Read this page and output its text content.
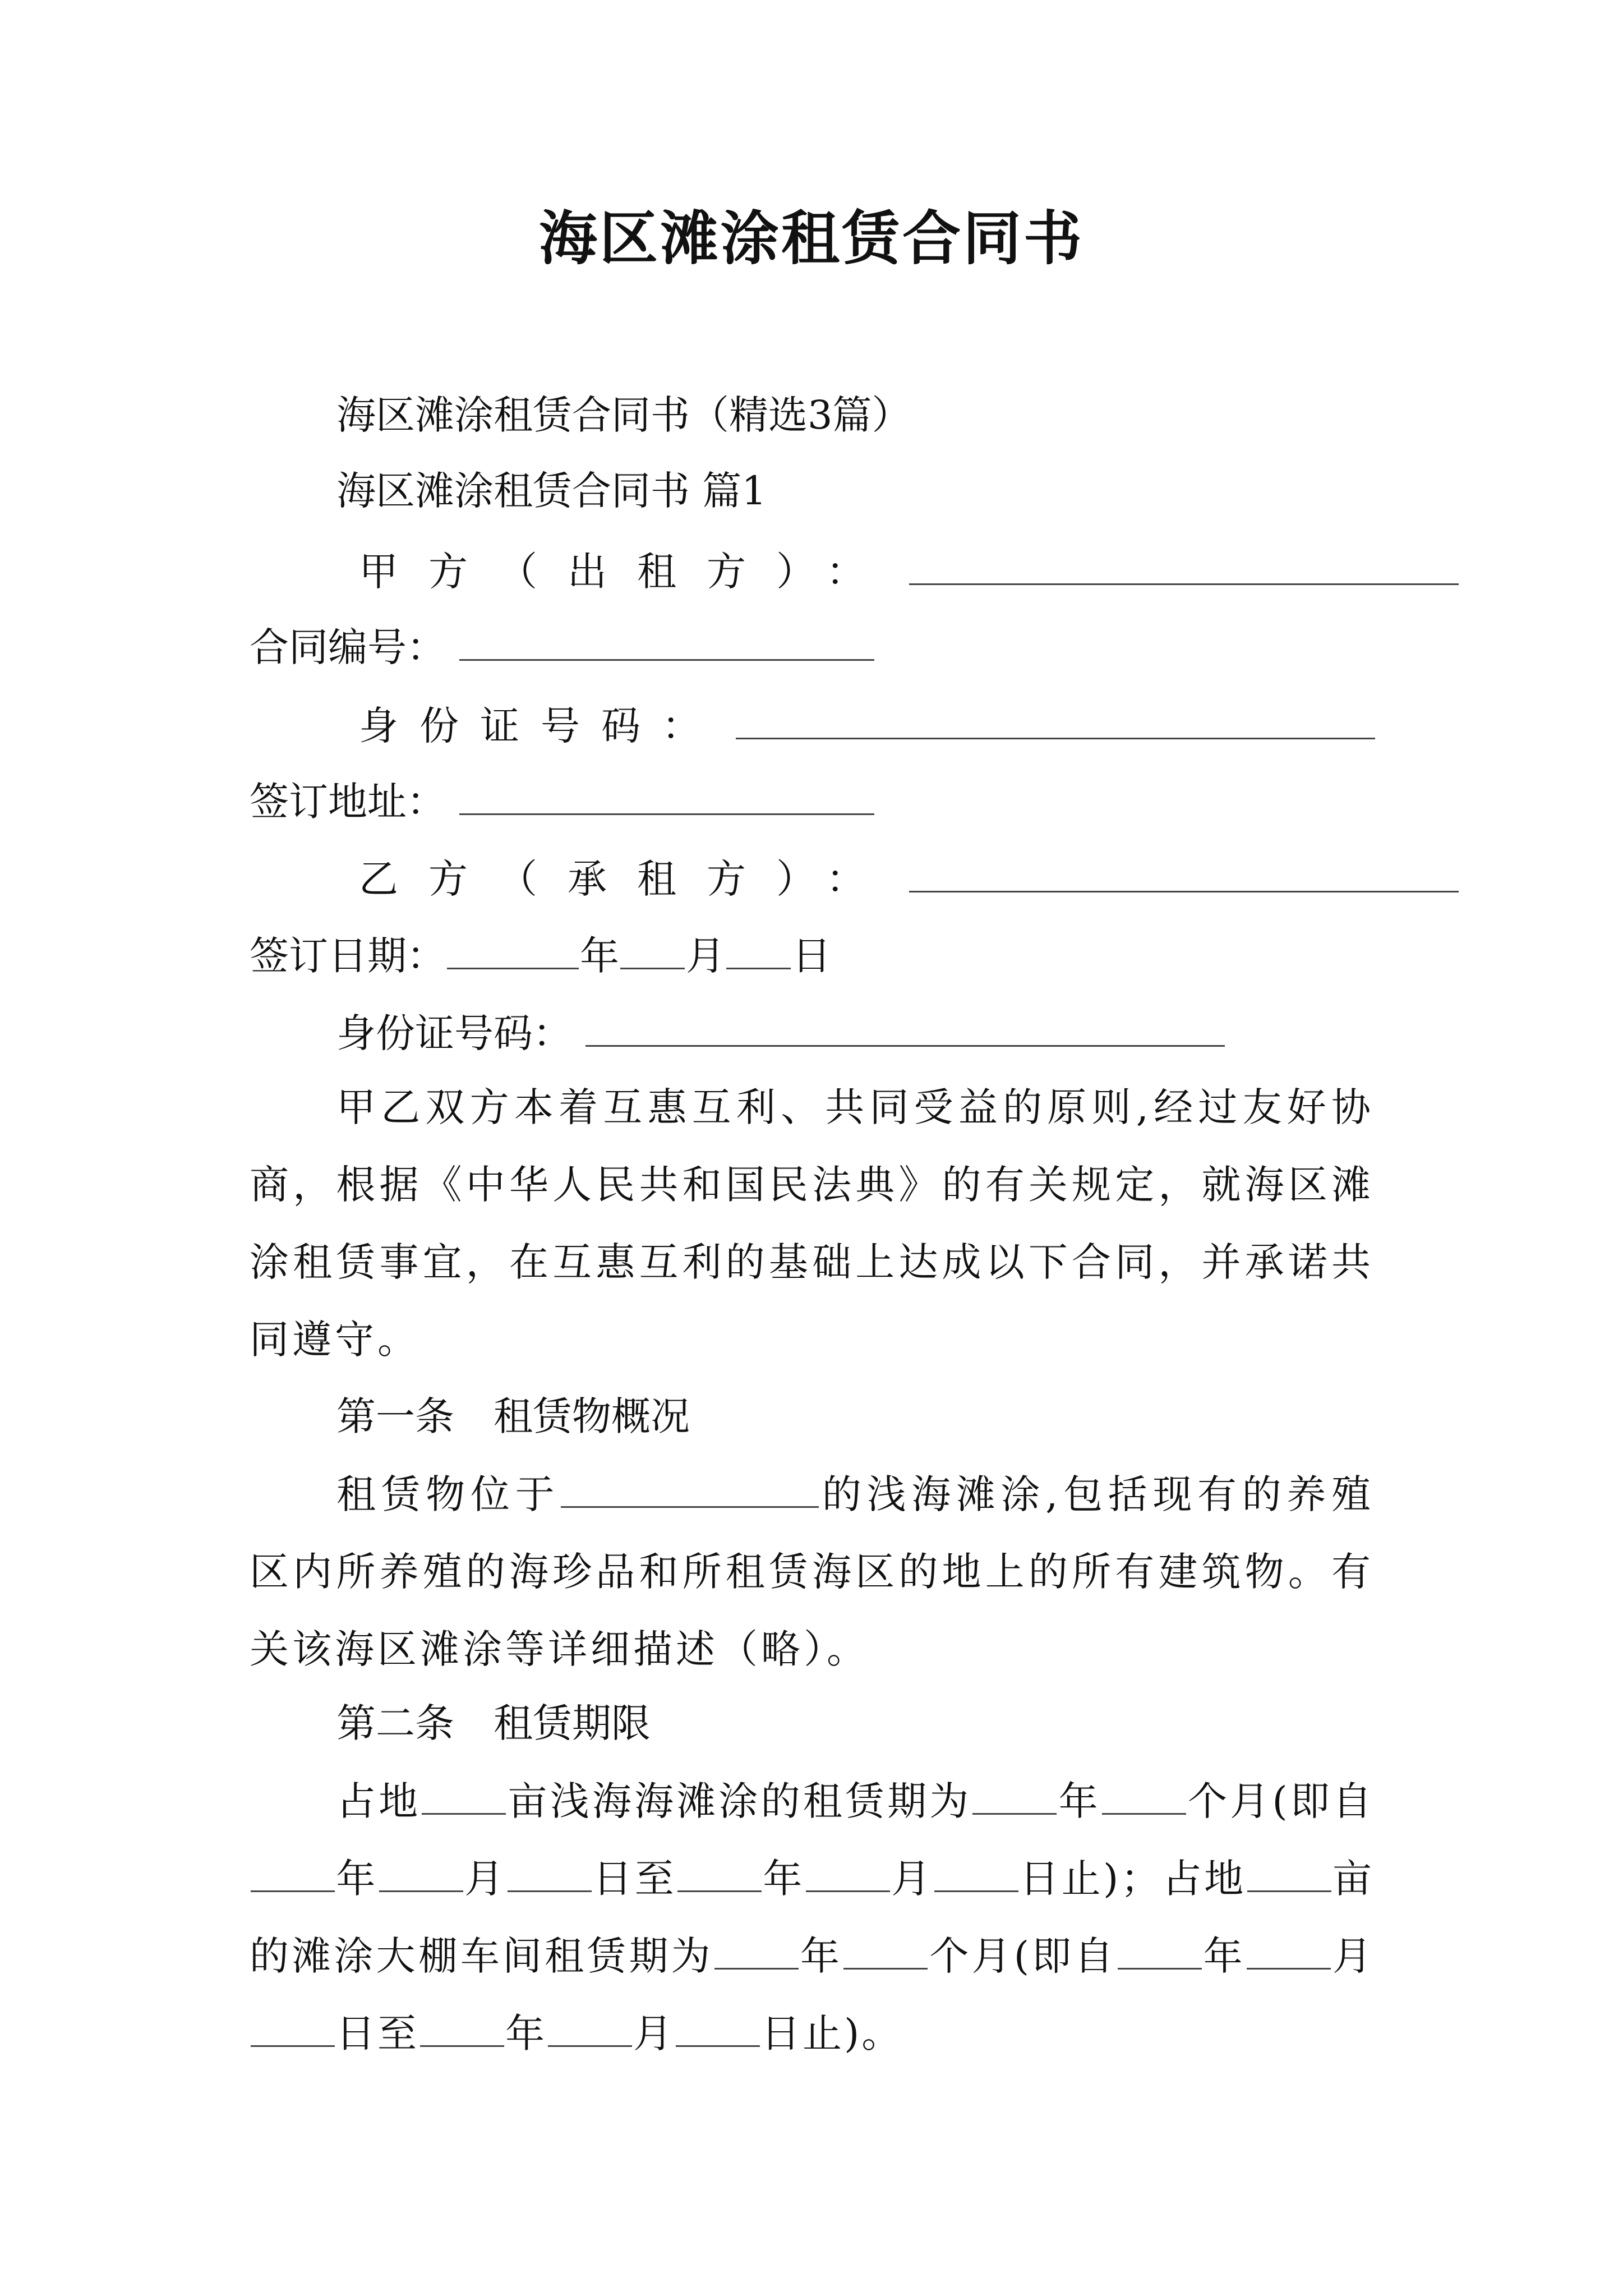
海区滩涂租赁合同书
海区滩涂租赁合同书（精选3篇）
海区滩涂租赁合同书 篇1
甲方（出租方）：
合同编号：
身份证号码：
签订地址：
乙方（承租方）：
签订日期：	年 月 日
身份证号码：
甲乙双方本着互惠互利、共同受益的原则,经过友好协商，根据《中华人民共和国民法典》的有关规定，就海区滩涂租赁事宜，在互惠互利的基础上达成以下合同，并承诺共同遵守。
第一条　租赁物概况
租赁物位于	的浅海滩涂,包括现有的养殖区内所养殖的海珍品和所租赁海区的地上的所有建筑物。有关该海区滩涂等详细描述（略）。
第二条　租赁期限
占地 亩浅海海滩涂的租赁期为 年 个月(即自年 月 日至 年 月 日止)；占地 亩的滩涂大棚车间租赁期为 年 个月(即自 年 月日至 年 月 日止)。
